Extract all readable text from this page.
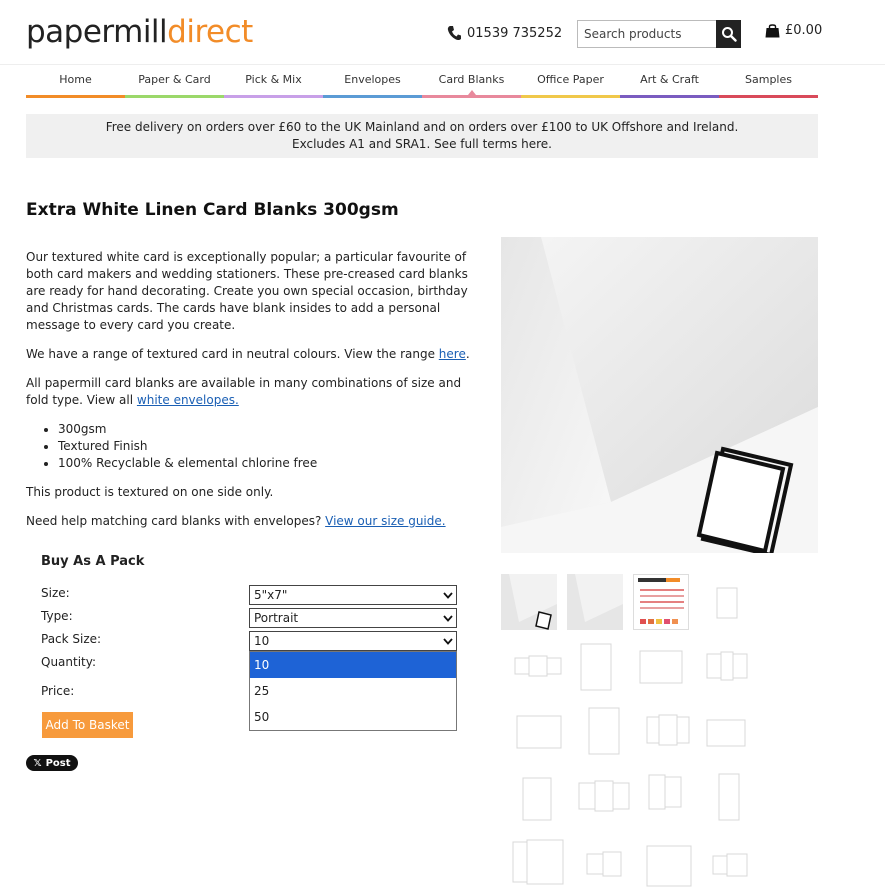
papermilldirect	01539 735252
Search products	£0.00
Home	Paper & Card	Pick & Mix	Envelopes	Card Blanks	Office Paper	Art & Craft	Samples
Free delivery on orders over £60 to the UK Mainland and on orders over £100 to UK Offshore and Ireland.
Excludes A1 and SRA1. See full terms here.
Extra White Linen Card Blanks 300gsm

Our textured white card is exceptionally popular; a particular favourite of both card makers and wedding stationers. These pre-creased card blanks are ready for hand decorating. Create you own special occasion, birthday and Christmas cards. The cards have blank insides to add a personal message to every card you create.

We have a range of textured card in neutral colours. View the range here.

All papermill card blanks are available in many combinations of size and fold type. View all white envelopes.

• 300gsm
• Textured Finish
• 100% Recyclable & elemental chlorine free

This product is textured on one side only.

Need help matching card blanks with envelopes? View our size guide.

Buy As A Pack
Size:	5"x7"
Type:	Portrait
Pack Size:	10
Quantity:
Price:
10
25
50
Add To Basket
𝕏 Post
